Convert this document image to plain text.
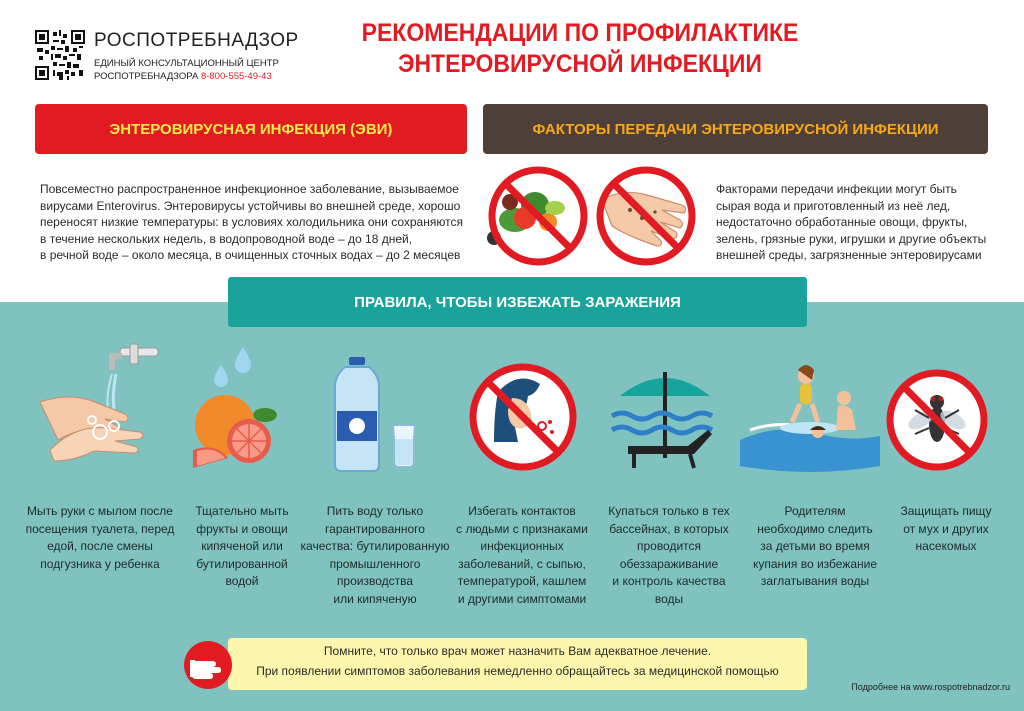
РОСПОТРЕБНАДЗОР
ЕДИНЫЙ КОНСУЛЬТАЦИОННЫЙ ЦЕНТР
РОСПОТРЕБНАДЗОРА 8-800-555-49-43
РЕКОМЕНДАЦИИ ПО ПРОФИЛАКТИКЕ
ЭНТЕРОВИРУСНОЙ ИНФЕКЦИИ
ЭНТЕРОВИРУСНАЯ ИНФЕКЦИЯ (ЭВИ)	ФАКТОРЫ ПЕРЕДАЧИ ЭНТЕРОВИРУСНОЙ ИНФЕКЦИИ
Повсеместно распространенное инфекционное заболевание, вызываемое
вирусами Enterovirus. Энтеровирусы устойчивы во внешней среде, хорошо
переносят низкие температуры: в условиях холодильника они сохраняются
в течение нескольких недель, в водопроводной воде – до 18 дней,
в речной воде – около месяца, в очищенных сточных водах – до 2 месяцев
Факторами передачи инфекции могут быть
сырая вода и приготовленный из неё лед,
недостаточно обработанные овощи, фрукты,
зелень, грязные руки, игрушки и другие объекты
внешней среды, загрязненные энтеровирусами
ПРАВИЛА, ЧТОБЫ ИЗБЕЖАТЬ ЗАРАЖЕНИЯ
Мыть руки с мылом после
посещения туалета, перед
едой, после смены
подгузника у ребенка
Тщательно мыть
фрукты и овощи
кипяченой или
бутилированной
водой
Пить воду только
гарантированного
качества: бутилированную
промышленного
производства
или кипяченую
Избегать контактов
с людьми с признаками
инфекционных
заболеваний, с сыпью,
температурой, кашлем
и другими симптомами
Купаться только в тех
бассейнах, в которых
проводится
обеззараживание
и контроль качества
воды
Родителям
необходимо следить
за детьми во время
купания во избежание
заглатывания воды
Защищать пищу
от мух и других
насекомых
Помните, что только врач может назначить Вам адекватное лечение.
При появлении симптомов заболевания немедленно обращайтесь за медицинской помощью
Подробнее на www.rospotrebnadzor.ru
